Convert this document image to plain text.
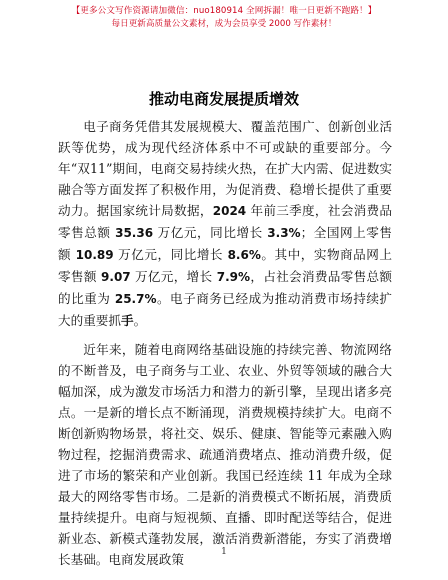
【更多公文写作资源请加微信：nuo180914 全网拆漏！唯一日更新不跑路！】
每日更新高质量公文素材，成为会员享受 2000 写作素材！
推动电商发展提质增效

电子商务凭借其发展规模大、覆盖范围广、创新创业活跃等优势，成为现代经济体系中不可或缺的重要部分。今年“双11”期间，电商交易持续火热，在扩大内需、促进数实融合等方面发挥了积极作用，为促消费、稳增长提供了重要动力。据国家统计局数据，2024 年前三季度，社会消费品零售总额 35.36 万亿元，同比增长 3.3%；全国网上零售额 10.89 万亿元，同比增长 8.6%。其中，实物商品网上零售额 9.07 万亿元，增长 7.9%，占社会消费品零售总额的比重为 25.7%。电子商务已经成为推动消费市场持续扩大的重要抓手。

近年来，随着电商网络基础设施的持续完善、物流网络的不断普及，电子商务与工业、农业、外贸等领域的融合大幅加深，成为激发市场活力和潜力的新引擎，呈现出诸多亮点。一是新的增长点不断涌现，消费规模持续扩大。电商不断创新购物场景，将社交、娱乐、健康、智能等元素融入购物过程，挖掘消费需求、疏通消费堵点、推动消费升级，促进了市场的繁荣和产业创新。我国已经连续 11 年成为全球最大的网络零售市场。二是新的消费模式不断拓展，消费质量持续提升。电商与短视频、直播、即时配送等结合，促进新业态、新模式蓬勃发展，激活消费新潜能，夯实了消费增长基础。电商发展政策	1
